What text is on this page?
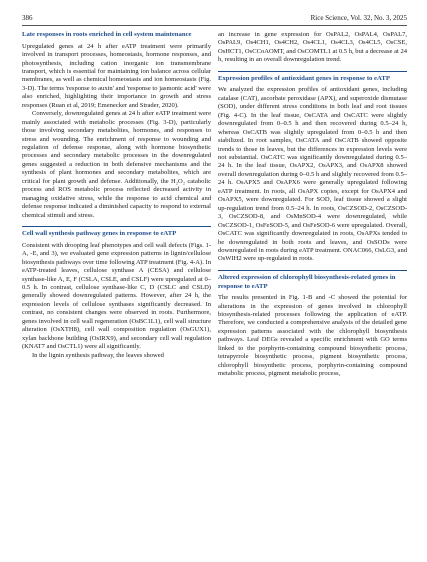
386	Rice Science, Vol. 32, No. 3, 2025
Late responses in roots enriched in cell system maintenance

Upregulated genes at 24 h after eATP treatment were primarily involved in transport processes, homeostasis, hormone responses, and photosynthesis, including cation inorganic ion transmembrane transport, which is essential for maintaining ion balance across cellular membranes, as well as chemical homeostasis and ion homeostasis (Fig. 3-D). The terms 'response to auxin' and 'response to jasmonic acid' were also enriched, highlighting their importance in growth and stress responses (Ruan et al, 2019; Emenecker and Strader, 2020).

Conversely, downregulated genes at 24 h after eATP treatment were mainly associated with metabolic processes (Fig. 3-D), particularly those involving secondary metabolites, hormones, and responses to stress and wounding. The enrichment of response to wounding and regulation of defense response, along with hormone biosynthetic processes and secondary metabolic processes in the downregulated genes suggested a reduction in both defensive mechanisms and the synthesis of plant hormones and secondary metabolites, which are critical for plant growth and defense. Additionally, the H₂O₂ catabolic process and ROS metabolic process reflected decreased activity in managing oxidative stress, while the response to acid chemical and defense response indicated a diminished capacity to respond to external chemical stimuli and stress.

Cell wall synthesis pathway genes in response to eATP

Consistent with drooping leaf phenotypes and cell wall defects (Figs. 1-A, -E, and 3), we evaluated gene expression patterns in lignin/cellulose biosynthesis pathways over time following ATP treatment (Fig. 4-A). In eATP-treated leaves, cellulose synthase A (CESA) and cellulose synthase-like A, E, F (CSLA, CSLE, and CSLF) were upregulated at 0–0.5 h. In contrast, cellulose synthase-like C, D (CSLC and CSLD) generally showed downregulated patterns. However, after 24 h, the expression levels of cellulose synthases significantly decreased. In contrast, no consistent changes were observed in roots. Furthermore, genes involved in cell wall regeneration (OsBC1L1), cell wall structure alteration (OsXTH8), cell wall composition regulation (OsGUX1), xylan backbone building (OsIRX9), and secondary cell wall regulation (KNAT7 and OsCTL1) were all significantly.

In the lignin synthesis pathway, the leaves showed

an increase in gene expression for OsPAL2, OsPAL4, OsPAL7, OsPAL9, Os4CH1, Os4CH2, Os4CL1, Os4CL3, Os4CL5, OsCSE, OsHCT1, OsCCoAOMT, and OsCOMTL1 at 0.5 h, but a decrease at 24 h, resulting in an overall downregulation trend.

Expression profiles of antioxidant genes in response to eATP

We analyzed the expression profiles of antioxidant genes, including catalase (CAT), ascorbate peroxidase (APX), and superoxide dismutase (SOD), under different stress conditions in both leaf and root tissues (Fig. 4-C). In the leaf tissue, OsCATA and OsCATC were slightly downregulated from 0–0.5 h and then recovered during 0.5–24 h, whereas OsCATB was slightly upregulated from 0–0.5 h and then stabilized. In root samples, OsCATA and OsCATB showed opposite trends to those in leaves, but the differences in expression levels were not substantial. OsCATC was significantly downregulated during 0.5–24 h. In the leaf tissue, OsAPX2, OsAPX3, and OsAPX8 showed overall downregulation during 0–0.5 h and slightly recovered from 0.5–24 h. OsAPX5 and OsAPX6 were generally upregulated following eATP treatment. In roots, all OsAPX copies, except for OsAPX4 and OsAPX5, were downregulated. For SOD, leaf tissue showed a slight up-regulation trend from 0.5–24 h. In roots, OsCZSOD-2, OsCZSOD-3, OsCZSOD-8, and OsMnSOD-4 were downregulated, while OsCZSOD-1, OsFeSOD-5, and OsFeSOD-6 were upregulated. Overall, OsCATC was significantly downregulated in roots, OsAPXs tended to be downregulated in both roots and leaves, and OsSODs were downregulated in roots during eATP treatment. ONAC066, OsLG3, and OsWIH2 were up-regulated in roots.

Altered expression of chlorophyll biosynthesis-related genes in response to eATP

The results presented in Fig. 1-B and -C showed the potential for alterations in the expression of genes involved in chlorophyll biosynthesis-related processes following the application of eATP. Therefore, we conducted a comprehensive analysis of the detailed gene expression patterns associated with the chlorophyll biosynthesis pathways. Leaf DEGs revealed a specific enrichment with GO terms linked to the porphyrin-containing compound biosynthetic process, tetrapyrrole biosynthetic process, pigment biosynthetic process, chlorophyll biosynthetic process, porphyrin-containing compound metabolic process, pigment metabolic process,
